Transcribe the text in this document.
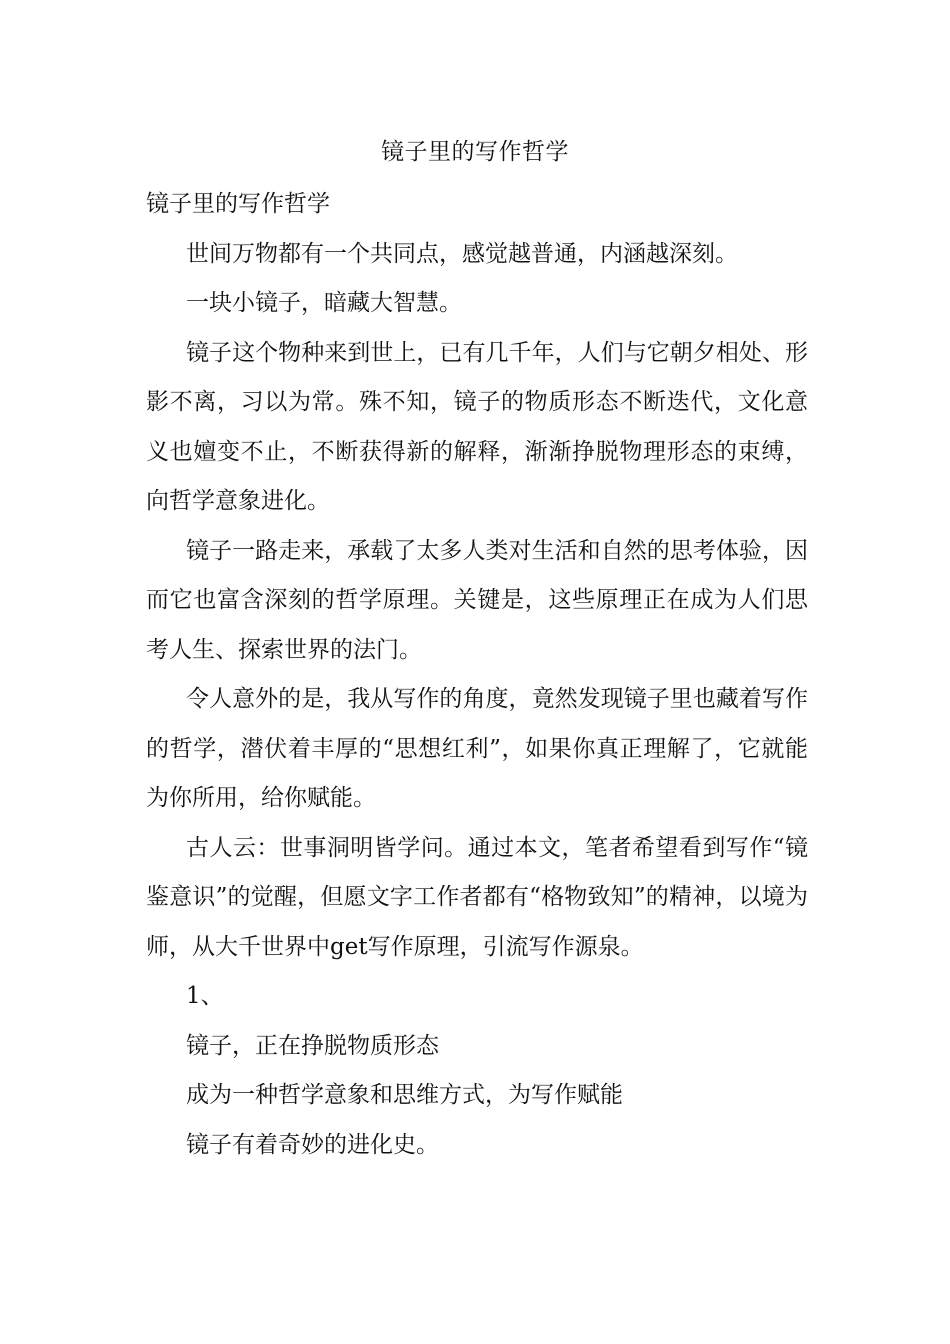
镜子里的写作哲学

镜子里的写作哲学

世间万物都有一个共同点，感觉越普通，内涵越深刻。

一块小镜子，暗藏大智慧。

镜子这个物种来到世上，已有几千年，人们与它朝夕相处、形影不离，习以为常。殊不知，镜子的物质形态不断迭代，文化意义也嬗变不止，不断获得新的解释，渐渐挣脱物理形态的束缚，向哲学意象进化。

镜子一路走来，承载了太多人类对生活和自然的思考体验，因而它也富含深刻的哲学原理。关键是，这些原理正在成为人们思考人生、探索世界的法门。

令人意外的是，我从写作的角度，竟然发现镜子里也藏着写作的哲学，潜伏着丰厚的“思想红利”，如果你真正理解了，它就能为你所用，给你赋能。

古人云：世事洞明皆学问。通过本文，笔者希望看到写作“镜鉴意识”的觉醒，但愿文字工作者都有“格物致知”的精神，以境为师，从大千世界中get写作原理，引流写作源泉。

1、

镜子，正在挣脱物质形态

成为一种哲学意象和思维方式，为写作赋能

镜子有着奇妙的进化史。
